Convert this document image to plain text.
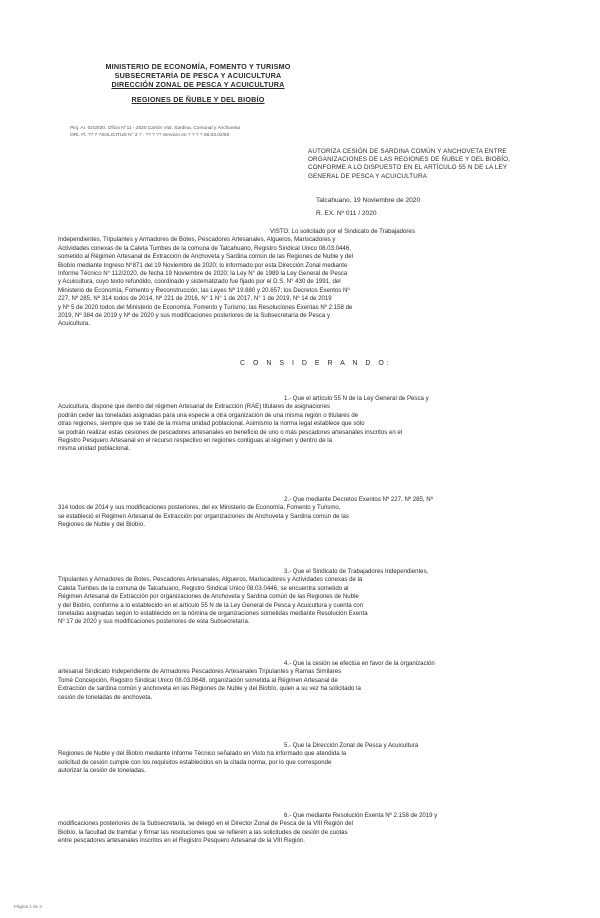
MINISTERIO DE ECONOMÍA, FOMENTO Y TURISMO
SUBSECRETARÍA DE PESCA Y ACUICULTURA
DIRECCIÓN ZONAL DE PESCA Y ACUICULTURA
REGIONES DE ÑUBLE Y DEL BIOBÍO
Pinj. Ar. 02/2020. Oficio N°11 - 2020 Cartón Vial, Sardina, Comunal y Anchoveta
ORI. Fl. ?? ? ?SOLICITUD N° 2 ? . ?? ? ?? Servicio en ? ? ? ? 08.03.02/60
AUTORIZA CESIÓN DE SARDINA COMÚN Y ANCHOVETA ENTRE
ORGANIZACIONES DE LAS REGIONES DE ÑUBLE Y DEL BIOBÍO,
CONFORME A LO DISPUESTO EN EL ARTÍCULO 55 N DE LA LEY
GENERAL DE PESCA Y ACUICULTURA
Talcahuano, 19 Noviembre de 2020
R. EX. Nº 011 / 2020
VISTO: Lo solicitado por el Sindicato de Trabajadores
Independientes, Tripulantes y Armadores de Botes, Pescadores Artesanales, Algueros, Mariscadores y
Actividades conexas de la Caleta Tumbes de la comuna de Talcahuano, Registro Sindical Único 08.03.0446,
sometido al Régimen Artesanal de Extracción de Anchoveta y Sardina común de las Regiones de Ñuble y del
Biobío mediante Ingreso N°871 del 19 Noviembre de 2020; lo informado por esta Dirección Zonal mediante
Informe Técnico N° 112/2020, de fecha 19 Noviembre de 2020; la Ley N° de 1989 la Ley General de Pesca
y Acuicultura, cuyo texto refundido, coordinado y sistematizado fue fijado por el D.S. N° 430 de 1991, del
Ministerio de Economía, Fomento y Reconstrucción; las Leyes Nº 19.880 y 20.657; los Decretos Exentos Nº
227, Nº 285, Nº 314 todos de 2014, Nº 221 de 2016, N° 1 N° 1 de 2017, N° 1 de 2019, Nº 14 de 2019
y Nº 5 de 2020 todos del Ministerio de Economía, Fomento y Turismo; las Resoluciones Exentas Nº 2.158 de
2019, Nº 384 de 2019 y Nº de 2020 y sus modificaciones posteriores de la Subsecretaría de Pesca y
Acuicultura.
C O N S I D E R A N D O:
1.- Que el artículo 55 N de la Ley General de Pesca y
Acuicultura, dispone que dentro del régimen Artesanal de Extracción (RAE) titulares de asignaciones
podrán ceder las toneladas asignadas para una especie a otra organización de una misma región o titulares de
otras regiones, siempre que se trate de la misma unidad poblacional. Asimismo la norma legal establece que sólo
se podrán realizar estas cesiones de pescadores artesanales en beneficio de uno o más pescadores artesanales inscritos en el
Registro Pesquero Artesanal en el recurso respectivo en regiones contiguas al régimen y dentro de la
misma unidad poblacional.
2.- Que mediante Decretos Exentos Nº 227, Nº 285, Nº
314 todos de 2014 y sus modificaciones posteriores, del ex Ministerio de Economía, Fomento y Turismo,
se estableció el Régimen Artesanal de Extracción por organizaciones de Anchoveta y Sardina común de las
Regiones de Ñuble y del Biobío.
3.- Que el Sindicato de Trabajadores Independientes,
Tripulantes y Armadores de Botes, Pescadores Artesanales, Algueros, Mariscadores y Actividades conexas de la
Caleta Tumbes de la comuna de Talcahuano, Registro Sindical Único 08.03.0446, se encuentra sometido al
Régimen Artesanal de Extracción por organizaciones de Anchoveta y Sardina común de las Regiones de Ñuble
y del Biobío, conforme a lo establecido en el artículo 55 N de la Ley General de Pesca y Acuicultura y cuenta con
toneladas asignadas según lo establecido en la nómina de organizaciones sometidas mediante Resolución Exenta
Nº 17 de 2020 y sus modificaciones posteriores de esta Subsecretaría.
4.- Que la cesión se efectúa en favor de la organización
artesanal Sindicato Independiente de Armadores Pescadores Artesanales Tripulantes y Ramas Similares
Tomé Concepción, Registro Sindical Único 08.03.0648, organización sometida al Régimen Artesanal de
Extracción de sardina común y anchoveta en las Regiones de Ñuble y del Biobío, quien a su vez ha solicitado la
cesión de toneladas de anchoveta.
5.- Que la Dirección Zonal de Pesca y Acuicultura
Regiones de Ñuble y del Biobío mediante Informe Técnico señalado en Visto ha informado que atendida la
solicitud de cesión cumple con los requisitos establecidos en la citada norma, por lo que corresponde
autorizar la cesión de toneladas.
6.- Que mediante Resolución Exenta Nº 2.158 de 2019 y
modificaciones posteriores de la Subsecretaría, se delegó en el Director Zonal de Pesca de la VIII Región del
Biobío, la facultad de tramitar y firmar las resoluciones que se refieren a las solicitudes de cesión de cuotas
entre pescadores artesanales inscritos en el Registro Pesquero Artesanal de la VIII Región.
Página 1 de 3
